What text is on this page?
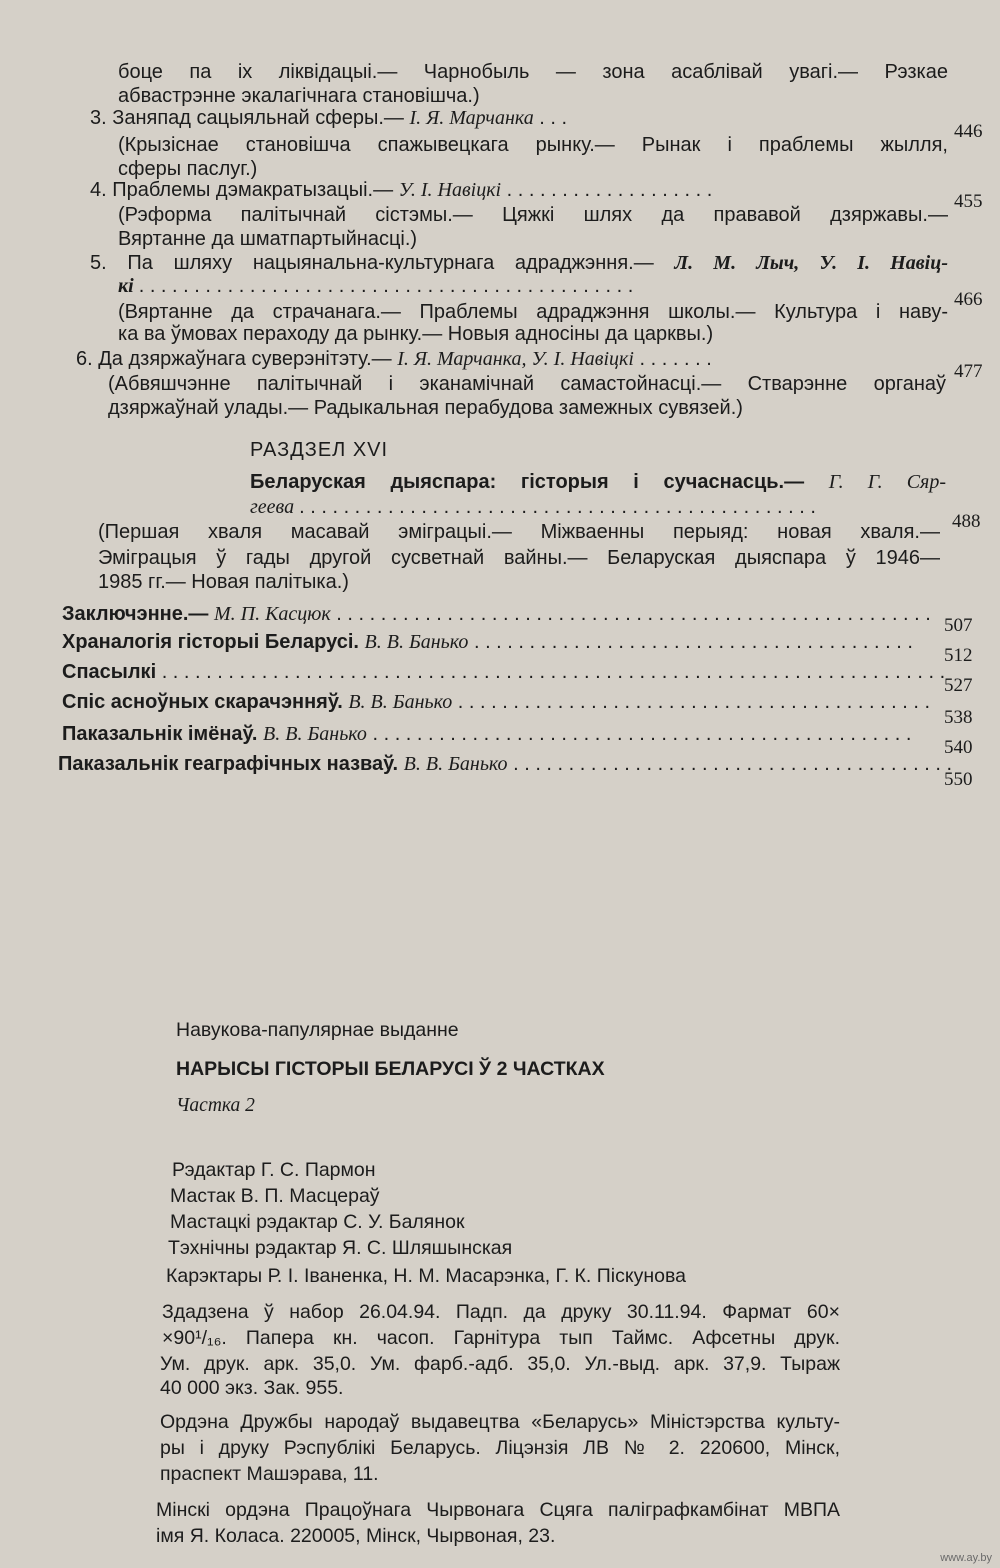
боце па іх ліквідацыі.— Чарнобыль — зона асаблівай увагі.— Рэзкае
абвастрэнне экалагічнага становішча.)
3. Заняпад сацыяльнай сферы.— І. Я. Марчанка . . .
446
(Крызіснае становішча спажывецкага рынку.— Рынак і праблемы жылля,
сферы паслуг.)
4. Праблемы дэмакратызацыі.— У. І. Навіцкі . . . . . . . . . . . . . . . . . . .
455
(Рэформа палітычнай сістэмы.— Цяжкі шлях да прававой дзяржавы.—
Вяртанне да шматпартыйнасці.)
5. Па шляху нацыянальна-культурнага адраджэння.— Л. М. Лыч, У. І. Навіц-
кі . . . . . . . . . . . . . . . . . . . . . . . . . . . . . . . . . . . . . . . . . . . . .
466
(Вяртанне да страчанага.— Праблемы адраджэння школы.— Культура і наву-
ка ва ўмовах пераходу да рынку.— Новыя адносіны да царквы.)
6. Да дзяржаўнага суверэнітэту.— І. Я. Марчанка, У. І. Навіцкі . . . . . . .
477
(Абвяшчэнне палітычнай і эканамічнай самастойнасці.— Стварэнне органаў
дзяржаўнай улады.— Радыкальная перабудова замежных сувязей.)
РАЗДЗЕЛ XVI
Беларуская дыяспара: гісторыя і сучаснасць.— Г. Г. Сяр-
геева . . . . . . . . . . . . . . . . . . . . . . . . . . . . . . . . . . . . . . . . . . . . . . .
488
(Першая хваля масавай эміграцыі.— Міжваенны перыяд: новая хваля.—
Эміграцыя ў гады другой сусветнай вайны.— Беларуская дыяспара ў 1946—
1985 гг.— Новая палітыка.)
Заключэнне.— М. П. Касцюк . . . . . . . . . . . . . . . . . . . . . . . . . . . . . . . . . . . . . . . . . . . . . . . . . . . . . .
507
Храналогія гісторыі Беларусі. В. В. Банько . . . . . . . . . . . . . . . . . . . . . . . . . . . . . . . . . . . . . . . .
512
Спасылкі . . . . . . . . . . . . . . . . . . . . . . . . . . . . . . . . . . . . . . . . . . . . . . . . . . . . . . . . . . . . . . . . . . . . . . .
527
Спіс асноўных скарачэнняў. В. В. Банько . . . . . . . . . . . . . . . . . . . . . . . . . . . . . . . . . . . . . . . . . . .
538
Паказальнік імёнаў. В. В. Банько . . . . . . . . . . . . . . . . . . . . . . . . . . . . . . . . . . . . . . . . . . . . . . . . .
540
Паказальнік геаграфічных назваў. В. В. Банько . . . . . . . . . . . . . . . . . . . . . . . . . . . . . . . . . . . . . . . .
550
Навукова-папулярнае выданне
НАРЫСЫ ГІСТОРЫІ БЕЛАРУСІ Ў 2 ЧАСТКАХ
Частка 2
Рэдактар Г. С. Пармон
Мастак В. П. Масцераў
Мастацкі рэдактар С. У. Балянок
Тэхнічны рэдактар Я. С. Шляшынская
Карэктары Р. І. Іваненка, Н. М. Масарэнка, Г. К. Піскунова
Здадзена ў набор 26.04.94. Падп. да друку 30.11.94. Фармат 60×
×90¹/₁₆. Папера кн. часоп. Гарнітура тып Таймс. Афсетны друк.
Ум. друк. арк. 35,0. Ум. фарб.-адб. 35,0. Ул.-выд. арк. 37,9. Тыраж
40 000 экз. Зак. 955.
Ордэна Дружбы народаў выдавецтва «Беларусь» Міністэрства культу-
ры і друку Рэспублікі Беларусь. Ліцэнзія ЛВ № 2. 220600, Мінск,
праспект Машэрава, 11.
Мінскі ордэна Працоўнага Чырвонага Сцяга паліграфкамбінат МВПА
імя Я. Коласа. 220005, Мінск, Чырвоная, 23.
www.ay.by
